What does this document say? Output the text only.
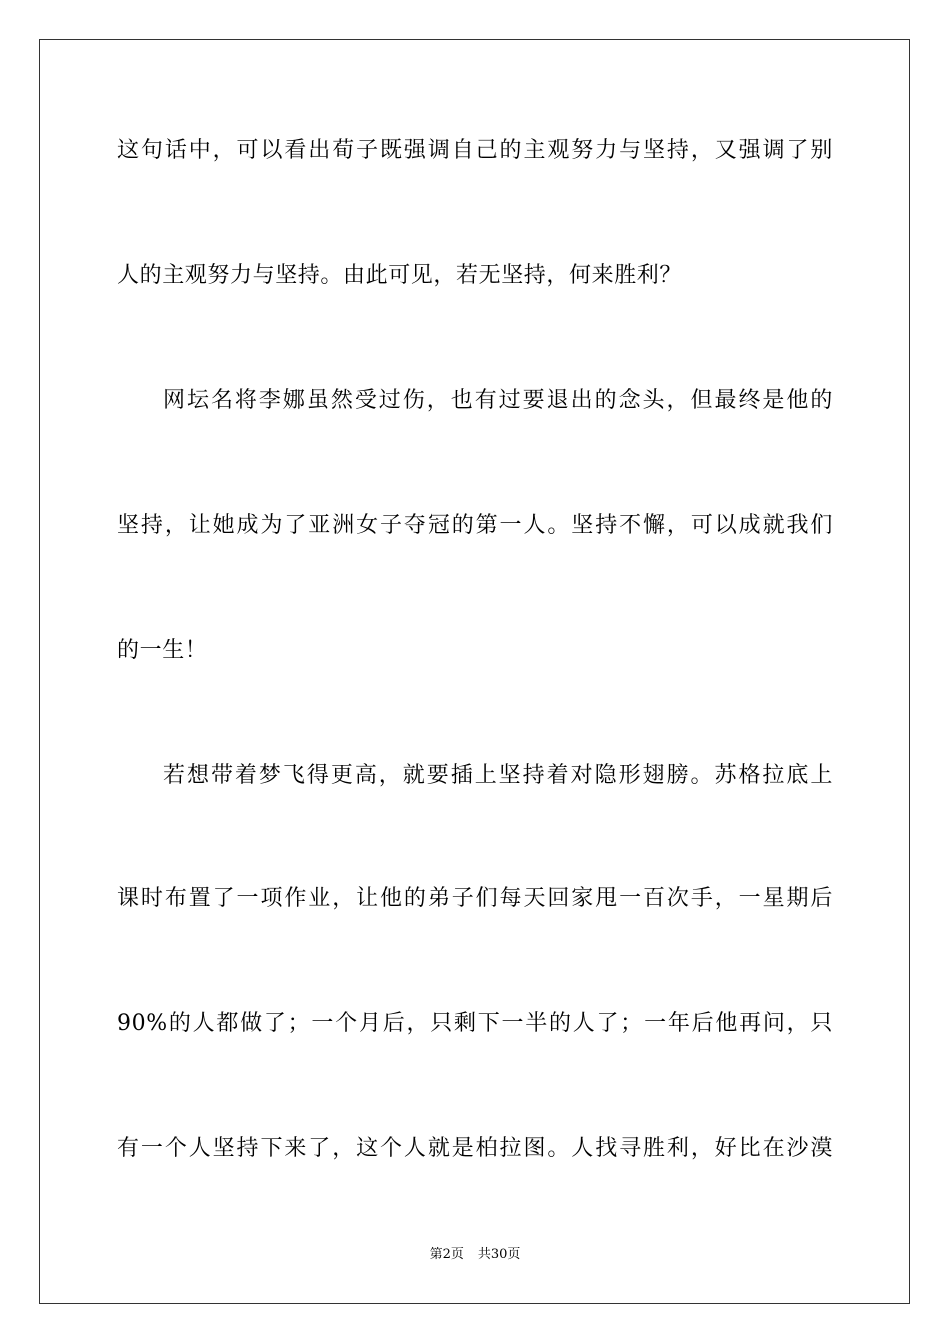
这句话中，可以看出荀子既强调自己的主观努力与坚持，又强调了别
人的主观努力与坚持。由此可见，若无坚持，何来胜利？
网坛名将李娜虽然受过伤，也有过要退出的念头，但最终是他的
坚持，让她成为了亚洲女子夺冠的第一人。坚持不懈，可以成就我们
的一生！
若想带着梦飞得更高，就要插上坚持着对隐形翅膀。苏格拉底上
课时布置了一项作业，让他的弟子们每天回家甩一百次手，一星期后
90%的人都做了；一个月后，只剩下一半的人了；一年后他再问，只
有一个人坚持下来了，这个人就是柏拉图。人找寻胜利，好比在沙漠
第2页 共30页
